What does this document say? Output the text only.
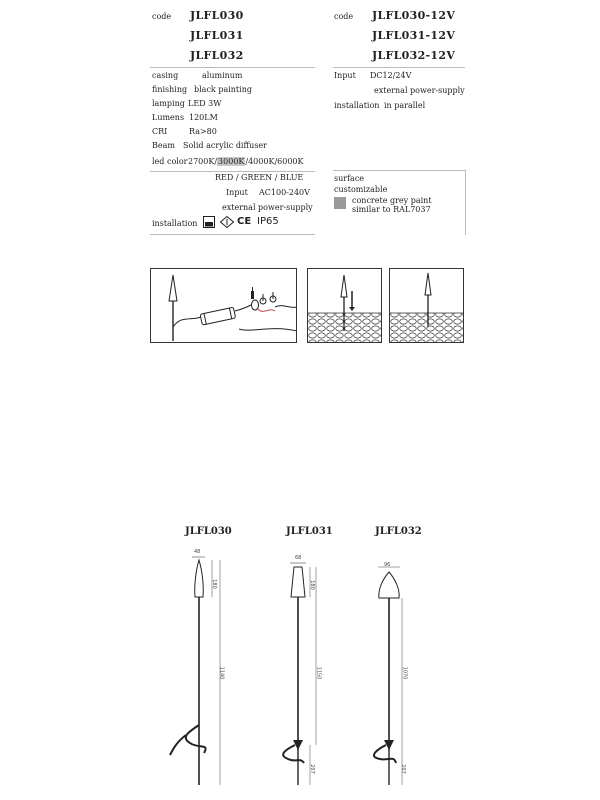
code JLFL030
JLFL031
JLFL032
casing	aluminum
finishing black painting
lamping LED 3W
Lumens 120LM
CRI	Ra>80
Beam Solid acrylic diffuser
led color 2700K/3000K/4000K/6000K
RED / GREEN / BLUE
Input AC100-240V
external power-supply
installation	CE IP65
code JLFL030-12V
JLFL031-12V
JLFL032-12V
Input DC12/24V
external power-supply
installation in parallel
surface
customizable
concrete grey paint
similar to RAL7037
JLFL030	JLFL031	JLFL032
48
180
1140
68
180
1150
207
96
1070
207
